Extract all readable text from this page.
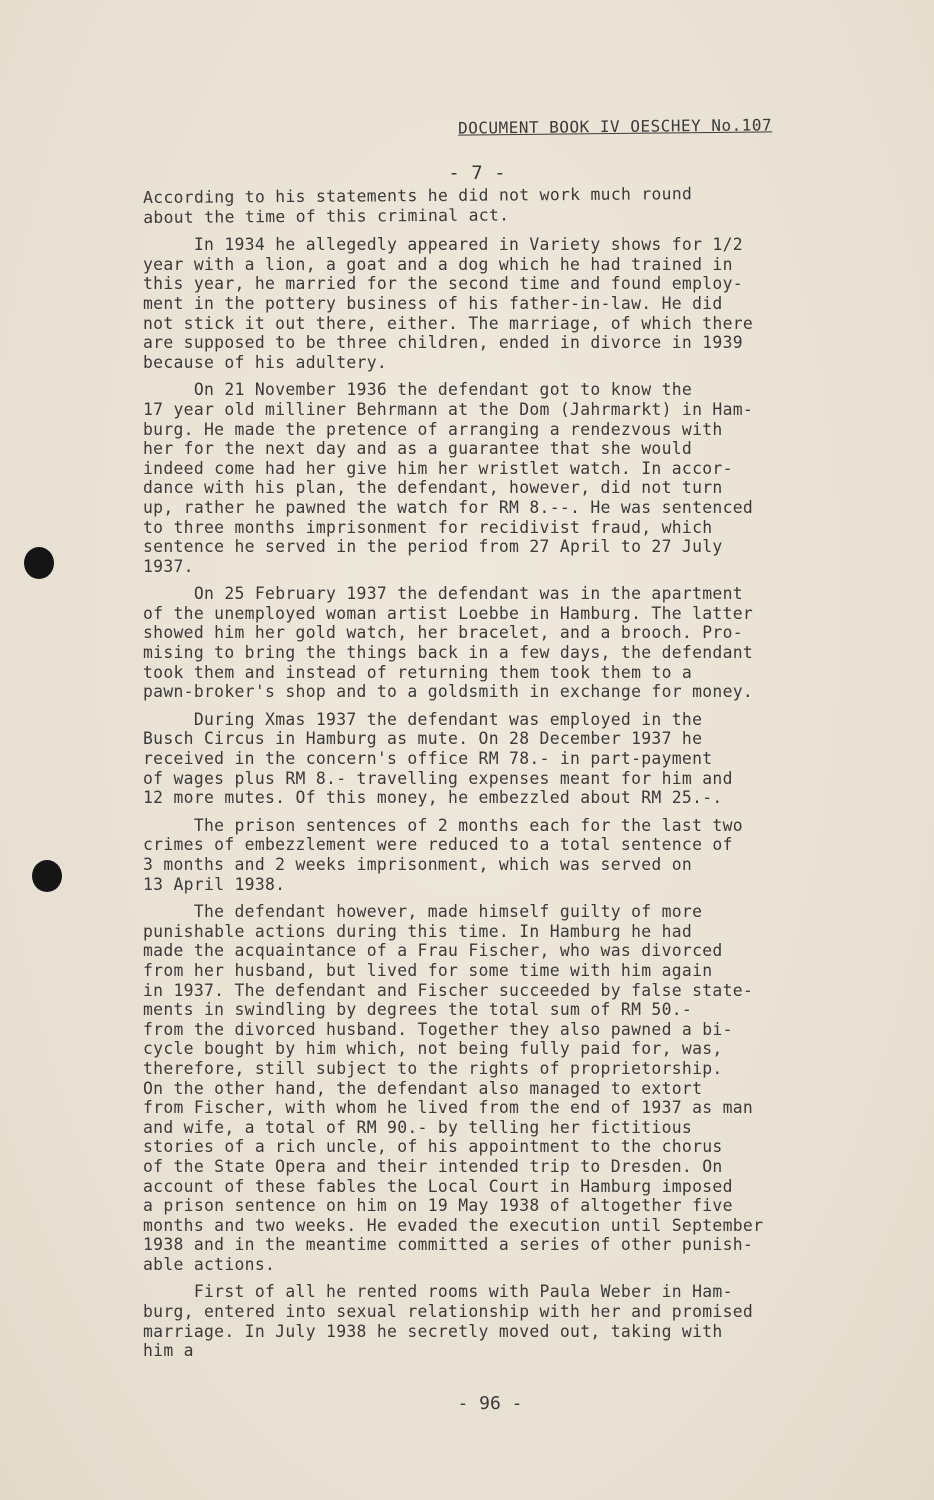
DOCUMENT BOOK IV OESCHEY No.107
- 7 -

According to his statements he did not work much round
about the time of this criminal act.

In 1934 he allegedly appeared in Variety shows for 1/2
year with a lion, a goat and a dog which he had trained in
this year, he married for the second time and found employ-
ment in the pottery business of his father-in-law. He did
not stick it out there, either. The marriage, of which there
are supposed to be three children, ended in divorce in 1939
because of his adultery.

On 21 November 1936 the defendant got to know the
17 year old milliner Behrmann at the Dom (Jahrmarkt) in Ham-
burg. He made the pretence of arranging a rendezvous with
her for the next day and as a guarantee that she would
indeed come had her give him her wristlet watch. In accor-
dance with his plan, the defendant, however, did not turn
up, rather he pawned the watch for RM 8.--. He was sentenced
to three months imprisonment for recidivist fraud, which
sentence he served in the period from 27 April to 27 July
1937.

On 25 February 1937 the defendant was in the apartment
of the unemployed woman artist Loebbe in Hamburg. The latter
showed him her gold watch, her bracelet, and a brooch. Pro-
mising to bring the things back in a few days, the defendant
took them and instead of returning them took them to a
pawn-broker's shop and to a goldsmith in exchange for money.

During Xmas 1937 the defendant was employed in the
Busch Circus in Hamburg as mute. On 28 December 1937 he
received in the concern's office RM 78.- in part-payment
of wages plus RM 8.- travelling expenses meant for him and
12 more mutes. Of this money, he embezzled about RM 25.-.

The prison sentences of 2 months each for the last two
crimes of embezzlement were reduced to a total sentence of
3 months and 2 weeks imprisonment, which was served on
13 April 1938.

The defendant however, made himself guilty of more
punishable actions during this time. In Hamburg he had
made the acquaintance of a Frau Fischer, who was divorced
from her husband, but lived for some time with him again
in 1937. The defendant and Fischer succeeded by false state-
ments in swindling by degrees the total sum of RM 50.-
from the divorced husband. Together they also pawned a bi-
cycle bought by him which, not being fully paid for, was,
therefore, still subject to the rights of proprietorship.
On the other hand, the defendant also managed to extort
from Fischer, with whom he lived from the end of 1937 as man
and wife, a total of RM 90.- by telling her fictitious
stories of a rich uncle, of his appointment to the chorus
of the State Opera and their intended trip to Dresden. On
account of these fables the Local Court in Hamburg imposed
a prison sentence on him on 19 May 1938 of altogether five
months and two weeks. He evaded the execution until September
1938 and in the meantime committed a series of other punish-
able actions.

First of all he rented rooms with Paula Weber in Ham-
burg, entered into sexual relationship with her and promised
marriage. In July 1938 he secretly moved out, taking with
him a

- 96 -
